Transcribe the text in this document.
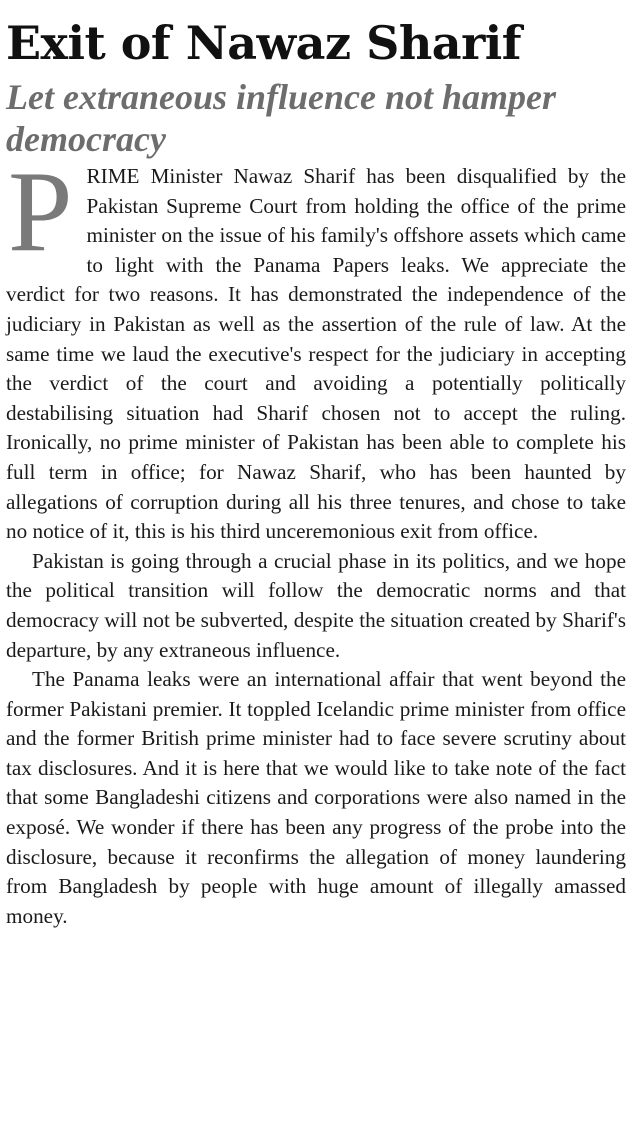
Exit of Nawaz Sharif
Let extraneous influence not hamper democracy

PRIME Minister Nawaz Sharif has been disqualified by the Pakistan Supreme Court from holding the office of the prime minister on the issue of his family's offshore assets which came to light with the Panama Papers leaks. We appreciate the verdict for two reasons. It has demonstrated the independence of the judiciary in Pakistan as well as the assertion of the rule of law. At the same time we laud the executive's respect for the judiciary in accepting the verdict of the court and avoiding a potentially politically destabilising situation had Sharif chosen not to accept the ruling. Ironically, no prime minister of Pakistan has been able to complete his full term in office; for Nawaz Sharif, who has been haunted by allegations of corruption during all his three tenures, and chose to take no notice of it, this is his third unceremonious exit from office.

Pakistan is going through a crucial phase in its politics, and we hope the political transition will follow the democratic norms and that democracy will not be subverted, despite the situation created by Sharif's departure, by any extraneous influence.

The Panama leaks were an international affair that went beyond the former Pakistani premier. It toppled Icelandic prime minister from office and the former British prime minister had to face severe scrutiny about tax disclosures. And it is here that we would like to take note of the fact that some Bangladeshi citizens and corporations were also named in the exposé. We wonder if there has been any progress of the probe into the disclosure, because it reconfirms the allegation of money laundering from Bangladesh by people with huge amount of illegally amassed money.
